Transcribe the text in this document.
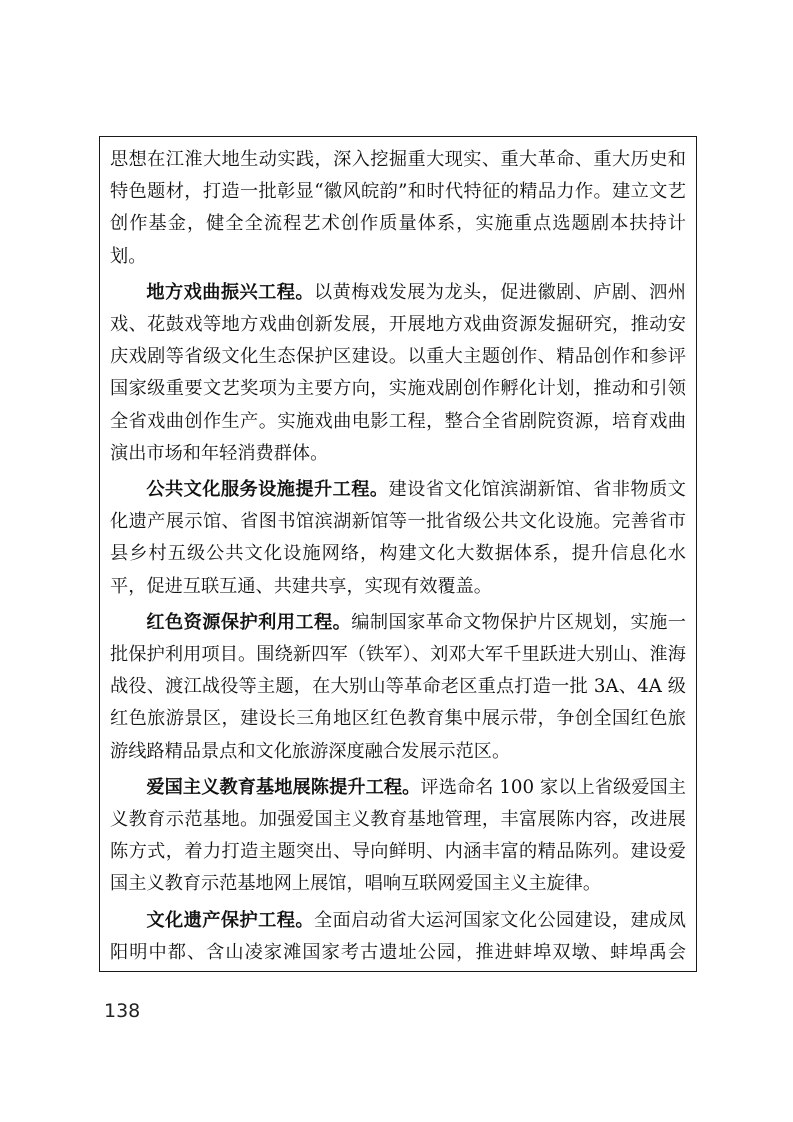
思想在江淮大地生动实践，深入挖掘重大现实、重大革命、重大历史和特色题材，打造一批彰显“徽风皖韵”和时代特征的精品力作。建立文艺创作基金，健全全流程艺术创作质量体系，实施重点选题剧本扶持计划。

地方戏曲振兴工程。以黄梅戏发展为龙头，促进徽剧、庐剧、泗州戏、花鼓戏等地方戏曲创新发展，开展地方戏曲资源发掘研究，推动安庆戏剧等省级文化生态保护区建设。以重大主题创作、精品创作和参评国家级重要文艺奖项为主要方向，实施戏剧创作孵化计划，推动和引领全省戏曲创作生产。实施戏曲电影工程，整合全省剧院资源，培育戏曲演出市场和年轻消费群体。

公共文化服务设施提升工程。建设省文化馆滨湖新馆、省非物质文化遗产展示馆、省图书馆滨湖新馆等一批省级公共文化设施。完善省市县乡村五级公共文化设施网络，构建文化大数据体系，提升信息化水平，促进互联互通、共建共享，实现有效覆盖。

红色资源保护利用工程。编制国家革命文物保护片区规划，实施一批保护利用项目。围绕新四军（铁军）、刘邓大军千里跃进大别山、淮海战役、渡江战役等主题，在大别山等革命老区重点打造一批 3A、4A 级红色旅游景区，建设长三角地区红色教育集中展示带，争创全国红色旅游线路精品景点和文化旅游深度融合发展示范区。

爱国主义教育基地展陈提升工程。评选命名 100 家以上省级爱国主义教育示范基地。加强爱国主义教育基地管理，丰富展陈内容，改进展陈方式，着力打造主题突出、导向鲜明、内涵丰富的精品陈列。建设爱国主义教育示范基地网上展馆，唱响互联网爱国主义主旋律。

文化遗产保护工程。全面启动省大运河国家文化公园建设，建成凤阳明中都、含山凌家滩国家考古遗址公园，推进蚌埠双墩、蚌埠禹会

138
